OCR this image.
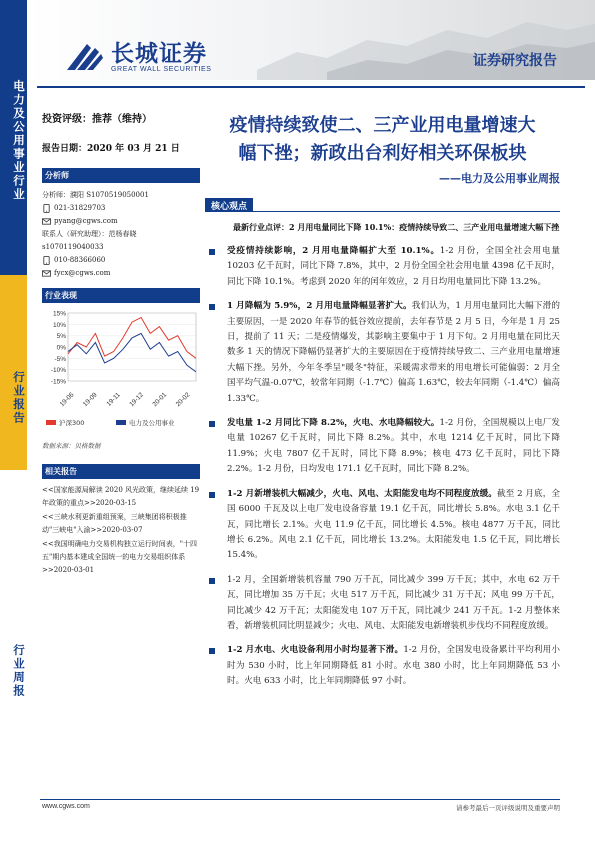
电力及公用事业行业
行业报告
行业周报
长城证券
GREAT WALL SECURITIES	证券研究报告
投资评级：推荐（维持）
报告日期：2020 年 03 月 21 日
分析师
分析师：濮阳 S1070519050001
021-31829703
pyang@cgws.com
联系人（研究助理）：范杨春晓
s1070119040033
010-88366060
fycx@cgws.com
行业表现
15%
10%
5%
0%
-5%
-10%
-15%
19-06 19-09 19-11 19-12 20-01 20-02
沪深300	电力及公用事业
数据来源：贝格数据
相关报告
<<国家能源局解读 2020 风光政策，继续延续 19 年政策的重点>>2020-03-15
<<三峡水利更新重组预案，三峡集团将积极推动"三峡电"入渝>>2020-03-07
<<我国明确电力交易机构独立运行时间表，"十四五"期内基本建成全国统一的电力交易组织体系>>2020-03-01
疫情持续致使二、三产业用电量增速大
幅下挫；新政出台利好相关环保板块
——电力及公用事业周报
核心观点
最新行业点评：2 月用电量同比下降 10.1%：疫情持续导致二、三产业用电量增速大幅下挫
受疫情持续影响，2 月用电量降幅扩大至 10.1%。1-2 月份，全国全社会用电量 10203 亿千瓦时，同比下降 7.8%，其中，2 月份全国全社会用电量 4398 亿千瓦时，同比下降 10.1%。考虑到 2020 年的闰年效应，2 月日均用电量同比下降 13.2%。
1 月降幅为 5.9%，2 月用电量降幅显著扩大。我们认为，1 月用电量同比大幅下滑的主要原因，一是 2020 年春节的低谷效应提前，去年春节是 2 月 5 日，今年是 1 月 25 日，提前了 11 天；二是疫情爆发，其影响主要集中于 1 月下旬。2 月用电量在同比天数多 1 天的情况下降幅仍显著扩大的主要原因在于疫情持续导致二、三产业用电量增速大幅下挫。另外，今年冬季呈"暖冬"特征，采暖需求带来的用电增长可能偏弱：2 月全国平均气温-0.07℃，较常年同期（-1.7℃）偏高 1.63℃，较去年同期（-1.4℃）偏高 1.33℃。
发电量 1-2 月同比下降 8.2%，火电、水电降幅较大。1-2 月份，全国规模以上电厂发电量 10267 亿千瓦时，同比下降 8.2%。其中，水电 1214 亿千瓦时，同比下降 11.9%；火电 7807 亿千瓦时，同比下降 8.9%；核电 473 亿千瓦时，同比下降 2.2%。1-2 月份，日均发电 171.1 亿千瓦时，同比下降 8.2%。
1-2 月新增装机大幅减少，火电、风电、太阳能发电均不同程度放缓。截至 2 月底，全国 6000 千瓦及以上电厂发电设备容量 19.1 亿千瓦，同比增长 5.8%。水电 3.1 亿千瓦，同比增长 2.1%。火电 11.9 亿千瓦，同比增长 4.5%。核电 4877 万千瓦，同比增长 6.2%。风电 2.1 亿千瓦，同比增长 13.2%。太阳能发电 1.5 亿千瓦，同比增长 15.4%。
1-2 月，全国新增装机容量 790 万千瓦，同比减少 399 万千瓦；其中，水电 62 万千瓦，同比增加 35 万千瓦；火电 517 万千瓦，同比减少 31 万千瓦；风电 99 万千瓦，同比减少 42 万千瓦；太阳能发电 107 万千瓦，同比减少 241 万千瓦。1-2 月整体来看，新增装机同比明显减少；火电、风电、太阳能发电新增装机步伐均不同程度放缓。
1-2 月水电、火电设备利用小时均显著下滑。1-2 月份，全国发电设备累计平均利用小时为 530 小时，比上年同期降低 81 小时。水电 380 小时，比上年同期降低 53 小时。火电 633 小时，比上年同期降低 97 小时。
www.cgws.com	请参考最后一页评级说明及重要声明
